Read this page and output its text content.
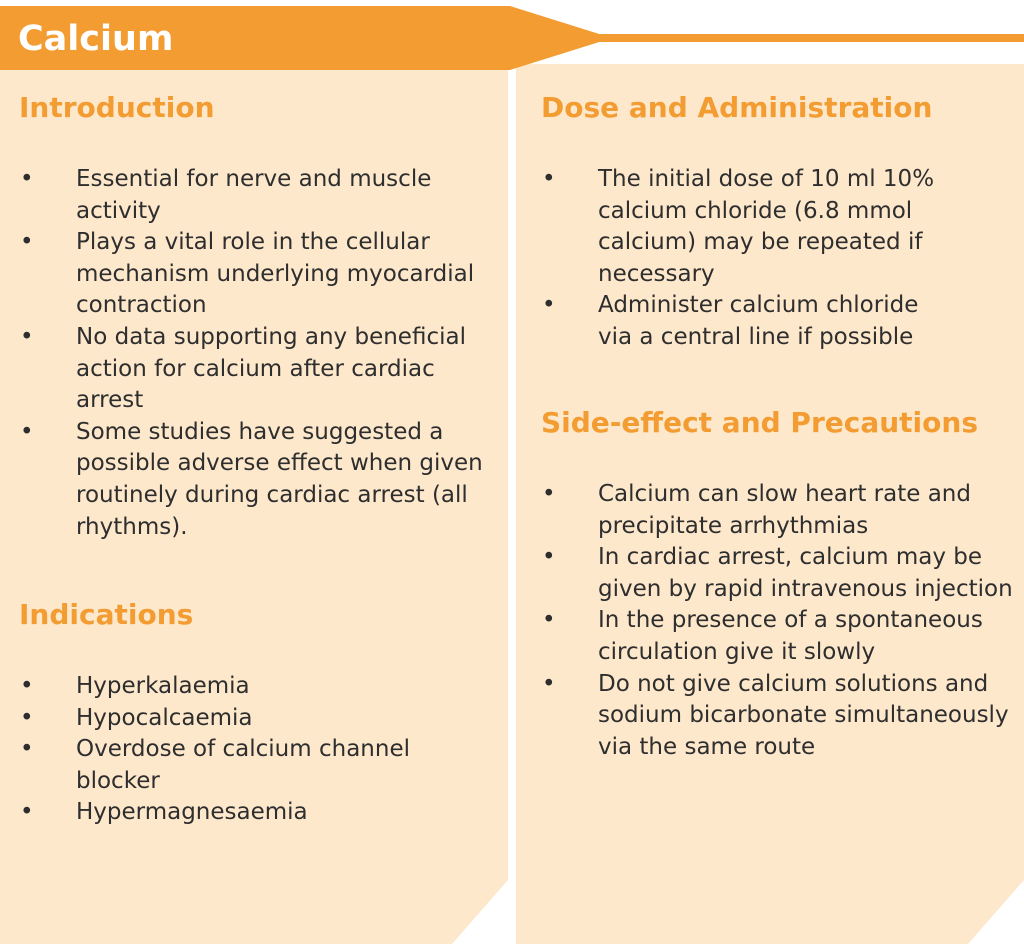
Calcium
Introduction
• Essential for nerve and muscle activity
• Plays a vital role in the cellular mechanism underlying myocardial contraction
• No data supporting any beneficial action for calcium after cardiac arrest
• Some studies have suggested a possible adverse effect when given routinely during cardiac arrest (all rhythms).
Indications
• Hyperkalaemia
• Hypocalcaemia
• Overdose of calcium channel blocker
• Hypermagnesaemia
Dose and Administration
• The initial dose of 10 ml 10% calcium chloride (6.8 mmol calcium) may be repeated if necessary
• Administer calcium chloride via a central line if possible
Side-effect and Precautions
• Calcium can slow heart rate and precipitate arrhythmias
• In cardiac arrest, calcium may be given by rapid intravenous injection
• In the presence of a spontaneous circulation give it slowly
• Do not give calcium solutions and sodium bicarbonate simultaneously via the same route
